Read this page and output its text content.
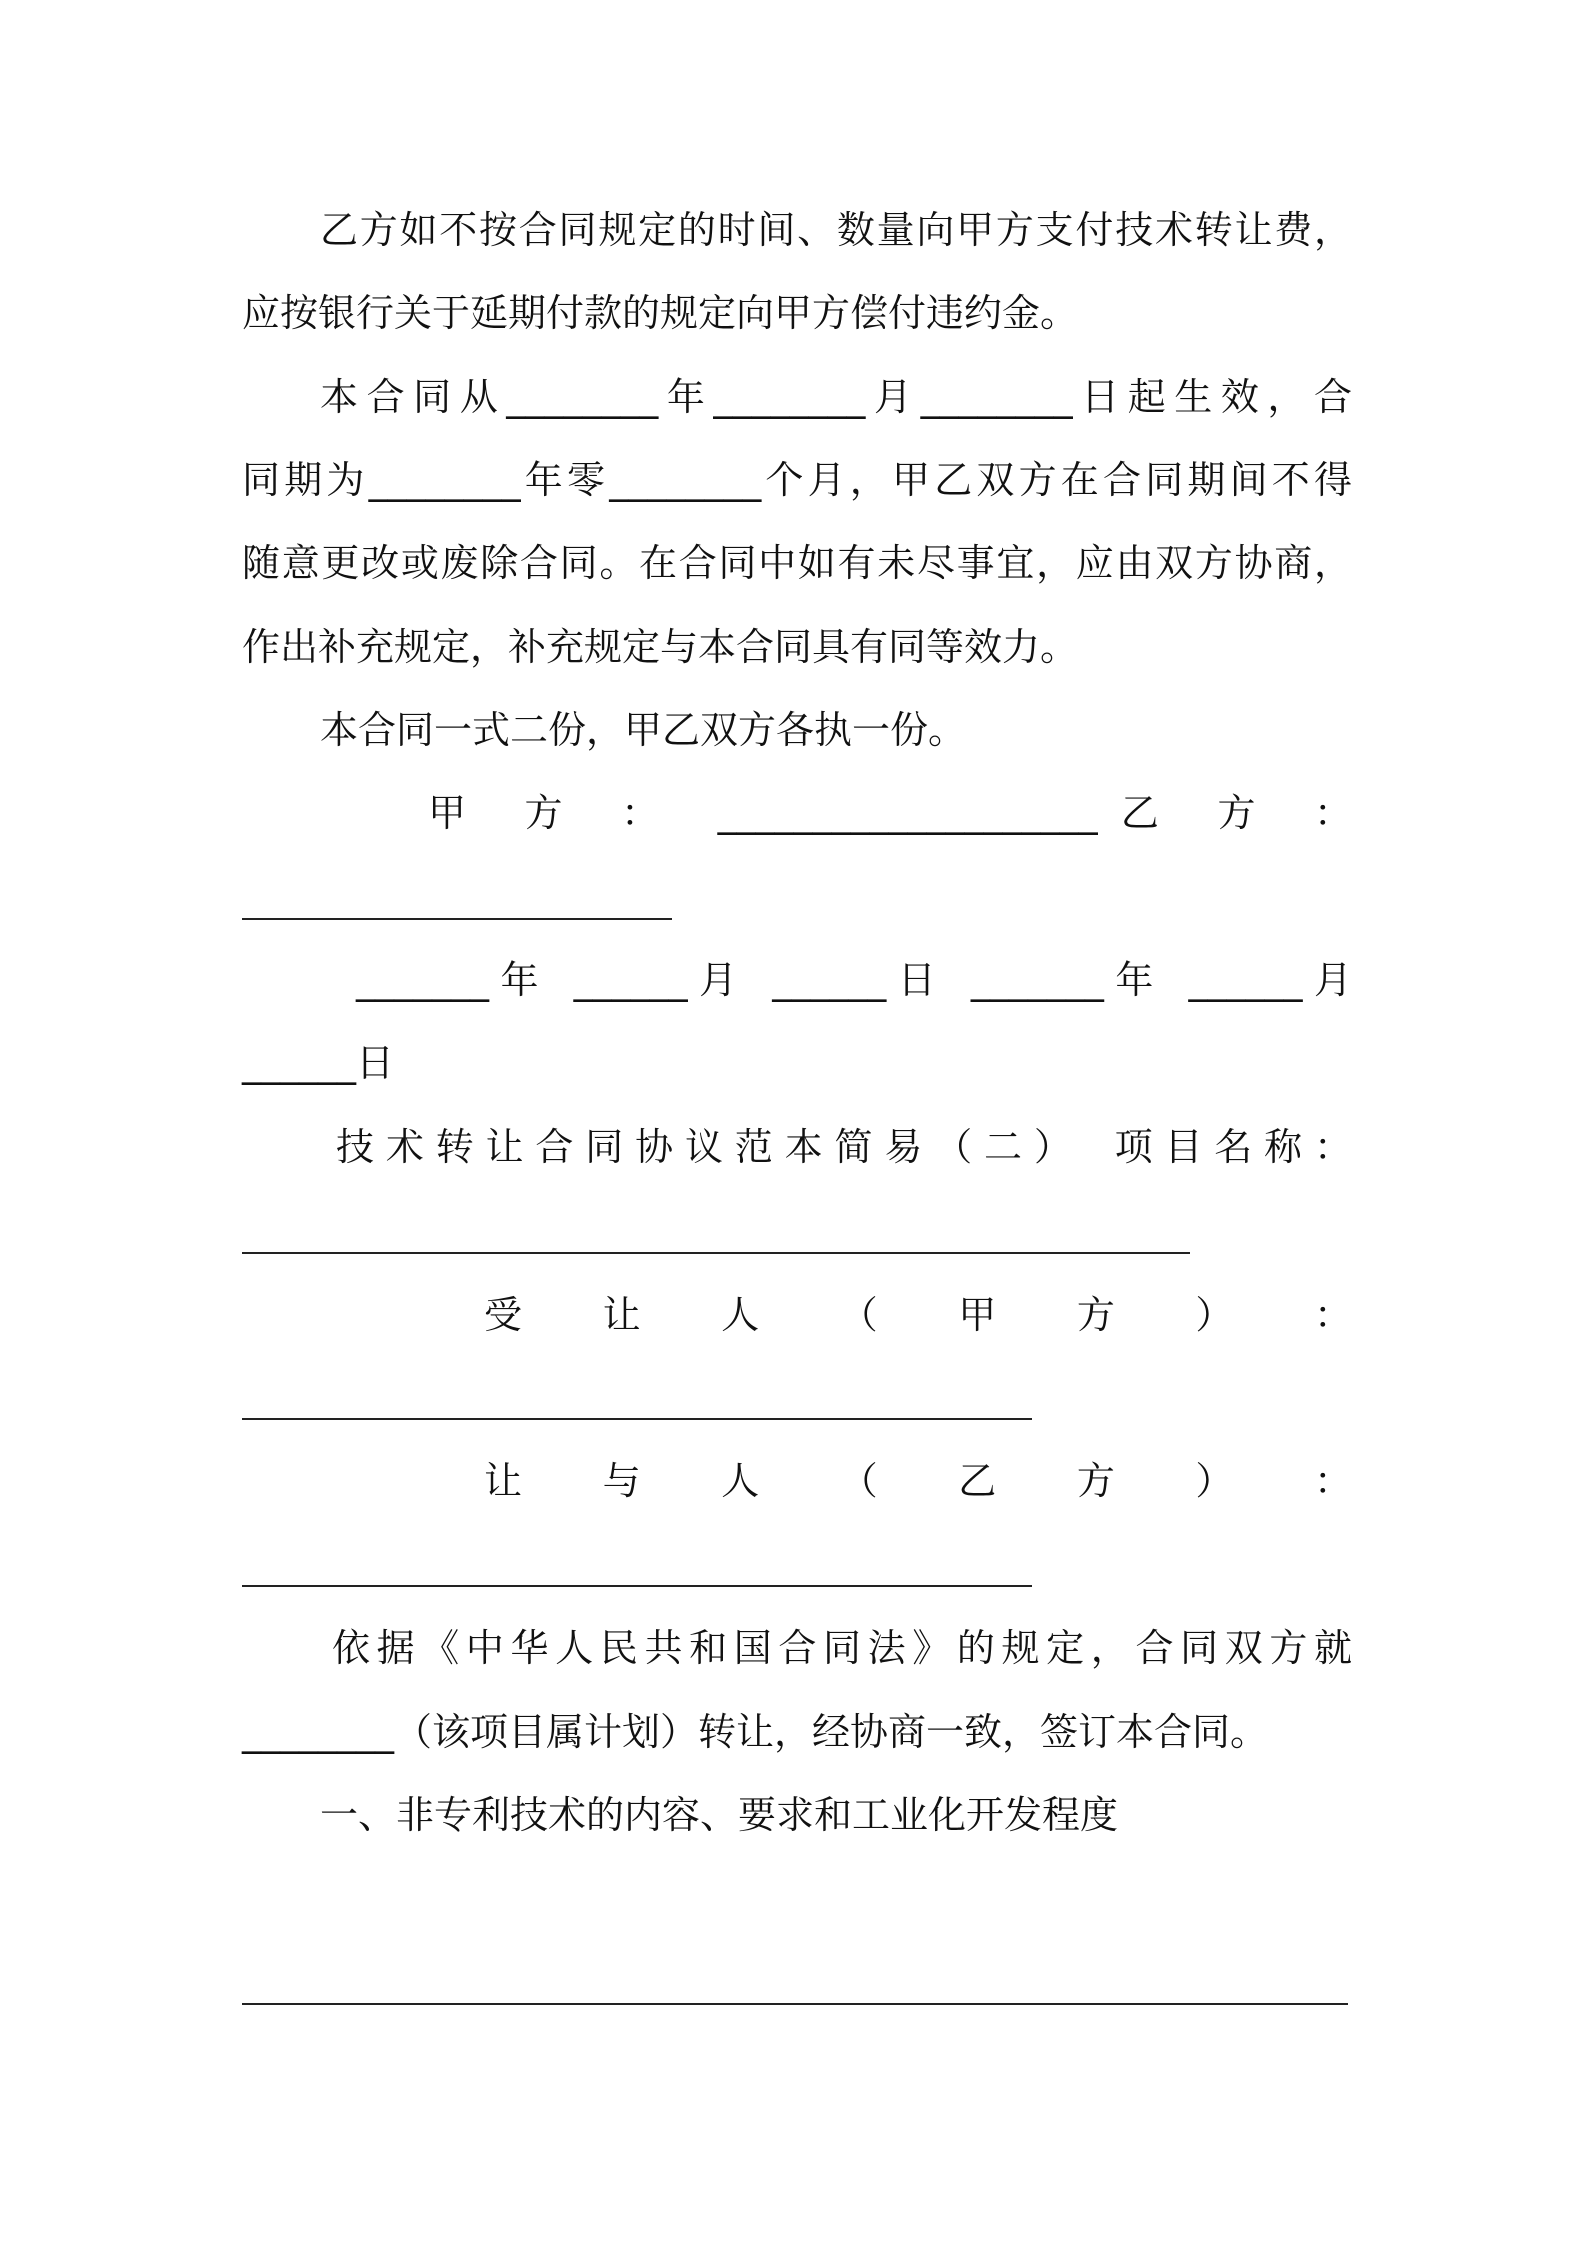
乙方如不按合同规定的时间、数量向甲方支付技术转让费，
应按银行关于延期付款的规定向甲方偿付违约金。
本合同从________年________月________日起生效，合
同期为________年零________个月，甲乙双方在合同期间不得
随意更改或废除合同。在合同中如有未尽事宜，应由双方协商，
作出补充规定，补充规定与本合同具有同等效力。
本合同一式二份，甲乙双方各执一份。
甲 方 ： ____________________乙 方 ：
_______年 ______月 ______日 _______年 ______月
______日
技术转让合同协议范本简易（二）　项目名称：
受 让 人 （ 甲 方 ） ：
让 与 人 （ 乙 方 ） ：
依据《中华人民共和国合同法》的规定，合同双方就
________（该项目属计划）转让，经协商一致，签订本合同。
一、非专利技术的内容、要求和工业化开发程度
